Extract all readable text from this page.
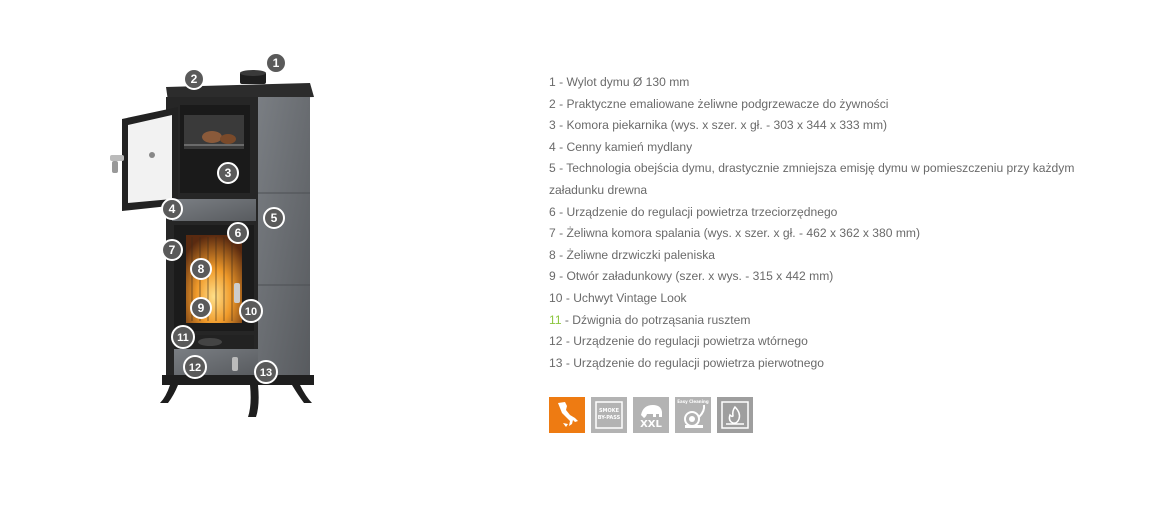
1
2
3
4
5
6
7
8
9	10
11
12	13
1 - Wylot dymu Ø 130 mm
2 - Praktyczne emaliowane żeliwne podgrzewacze do żywności
3 - Komora piekarnika (wys. x szer. x gł. - 303 x 344 x 333 mm)
4 - Cenny kamień mydlany
5 - Technologia obejścia dymu, drastycznie zmniejsza emisję dymu w pomieszczeniu przy każdym
załadunku drewna
6 - Urządzenie do regulacji powietrza trzeciorzędnego
7 - Żeliwna komora spalania (wys. x szer. x gł. - 462 x 362 x 380 mm)
8 - Żeliwne drzwiczki paleniska
9 - Otwór załadunkowy (szer. x wys. - 315 x 442 mm)
10 - Uchwyt Vintage Look
11 - Dźwignia do potrząsania rusztem
12 - Urządzenie do regulacji powietrza wtórnego
13 - Urządzenie do regulacji powietrza pierwotnego
SMOKE
BY-PASS
XXL
Easy Cleaning
